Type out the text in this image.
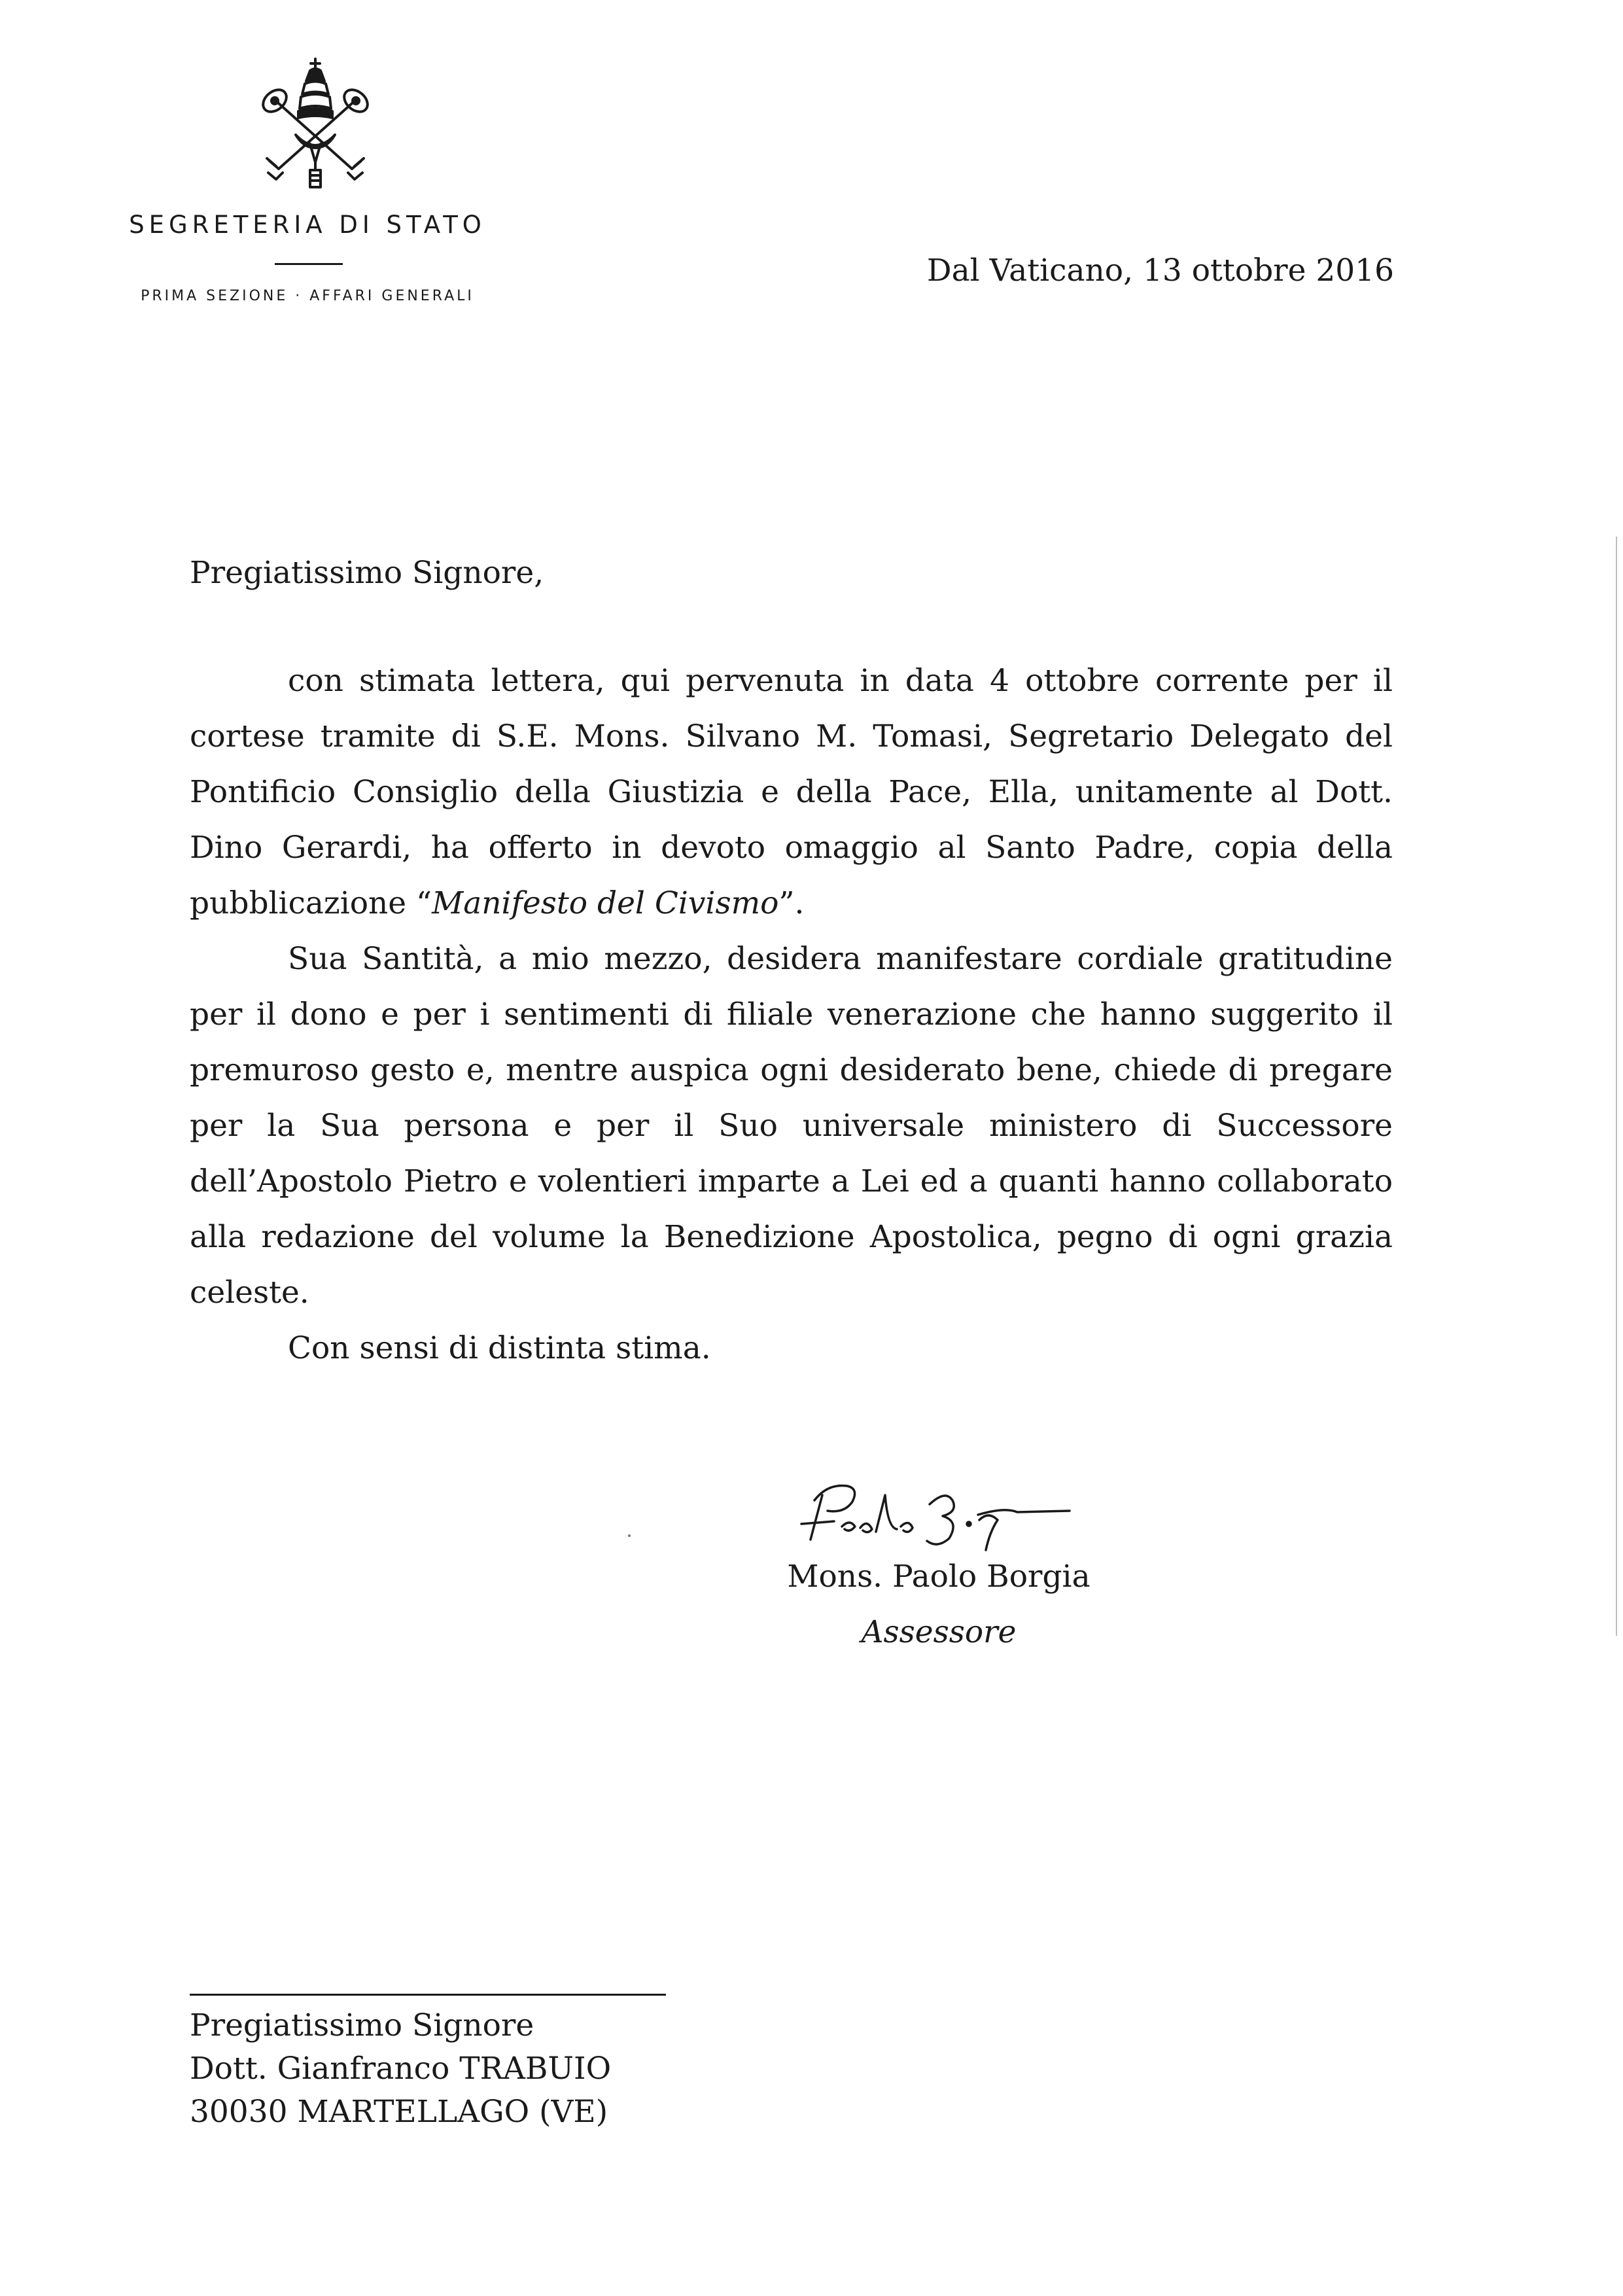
SEGRETERIA DI STATO
PRIMA SEZIONE · AFFARI GENERALI
Dal Vaticano, 13 ottobre 2016
Pregiatissimo Signore,

con stimata lettera, qui pervenuta in data 4 ottobre corrente per il cortese tramite di S.E. Mons. Silvano M. Tomasi, Segretario Delegato del Pontificio Consiglio della Giustizia e della Pace, Ella, unitamente al Dott. Dino Gerardi, ha offerto in devoto omaggio al Santo Padre, copia della pubblicazione “Manifesto del Civismo”.

Sua Santità, a mio mezzo, desidera manifestare cordiale gratitudine per il dono e per i sentimenti di filiale venerazione che hanno suggerito il premuroso gesto e, mentre auspica ogni desiderato bene, chiede di pregare per la Sua persona e per il Suo universale ministero di Successore dell’Apostolo Pietro e volentieri imparte a Lei ed a quanti hanno collaborato alla redazione del volume la Benedizione Apostolica, pegno di ogni grazia celeste.

Con sensi di distinta stima.

Mons. Paolo Borgia
Assessore
Pregiatissimo Signore
Dott. Gianfranco TRABUIO
30030 MARTELLAGO (VE)
